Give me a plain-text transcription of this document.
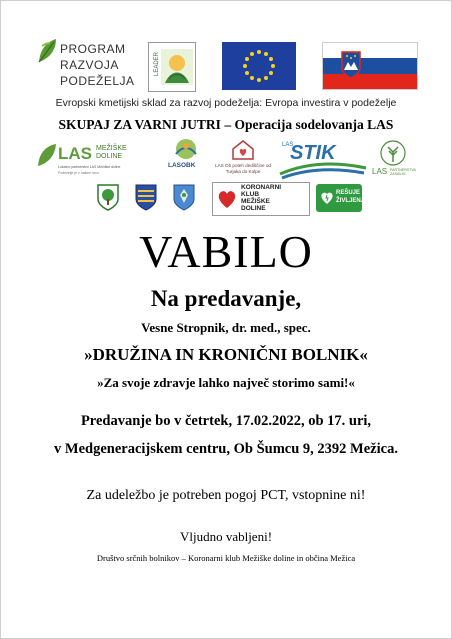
PROGRAM
RAZVOJA
PODEŽELJA
LEADER
Evropski kmetijski sklad za razvoj podeželja: Evropa investira v podeželje
SKUPAJ ZA VARNI JUTRI – Operacija sodelovanja LAS
LAS MEŽIŠKE
DOLINE
Lokalno partnerstvo LAS Mežiške doline
Podeželje je v našem srcu
LASOBK	LAS Ob poteh dediščine od Turjaka do Kolpe
LAS
STIK
LAS PARTNERSTVA ZASAVJE
KORONARNI
KLUB
MEŽIŠKE
DOLINE
REŠUJE
ŽIVLJENJA
VABILO
Na predavanje,
Vesne Stropnik, dr. med., spec.
»DRUŽINA IN KRONIČNI BOLNIK«
»Za svoje zdravje lahko največ storimo sami!«
Predavanje bo v četrtek, 17.02.2022, ob 17. uri,
v Medgeneracijskem centru, Ob Šumcu 9, 2392 Mežica.
Za udeležbo je potreben pogoj PCT, vstopnine ni!
Vljudno vabljeni!
Društvo srčnih bolnikov – Koronarni klub Mežiške doline in občina Mežica
